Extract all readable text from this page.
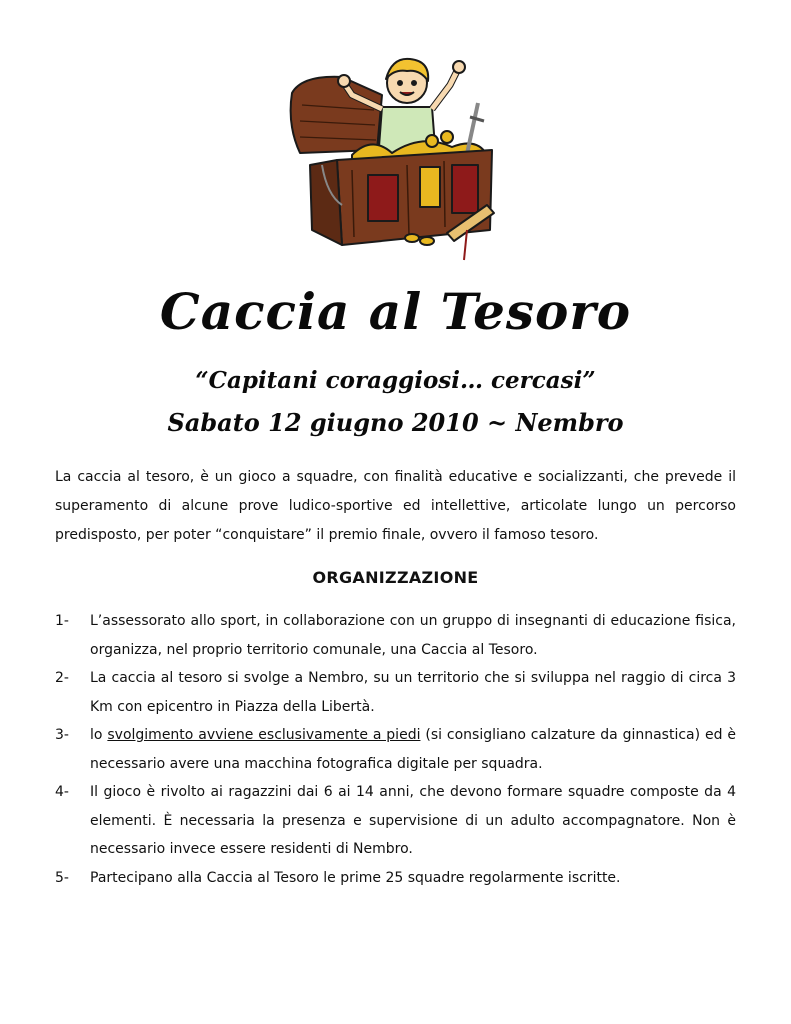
Caccia al Tesoro
“Capitani coraggiosi… cercasi”
Sabato 12 giugno 2010 ~ Nembro

La caccia al tesoro, è un gioco a squadre, con finalità educative e socializzanti, che prevede il superamento di alcune prove ludico-sportive ed intellettive, articolate lungo un percorso predisposto, per poter “conquistare” il premio finale, ovvero il famoso tesoro.

ORGANIZZAZIONE
1- L’assessorato allo sport, in collaborazione con un gruppo di insegnanti di educazione fisica, organizza, nel proprio territorio comunale, una Caccia al Tesoro.
2- La caccia al tesoro si svolge a Nembro, su un territorio che si sviluppa nel raggio di circa 3 Km con epicentro in Piazza della Libertà.
3- lo svolgimento avviene esclusivamente a piedi (si consigliano calzature da ginnastica) ed è necessario avere una macchina fotografica digitale per squadra.
4- Il gioco è rivolto ai ragazzini dai 6 ai 14 anni, che devono formare squadre composte da 4 elementi. È necessaria la presenza e supervisione di un adulto accompagnatore. Non è necessario invece essere residenti di Nembro.
5- Partecipano alla Caccia al Tesoro le prime 25 squadre regolarmente iscritte.
